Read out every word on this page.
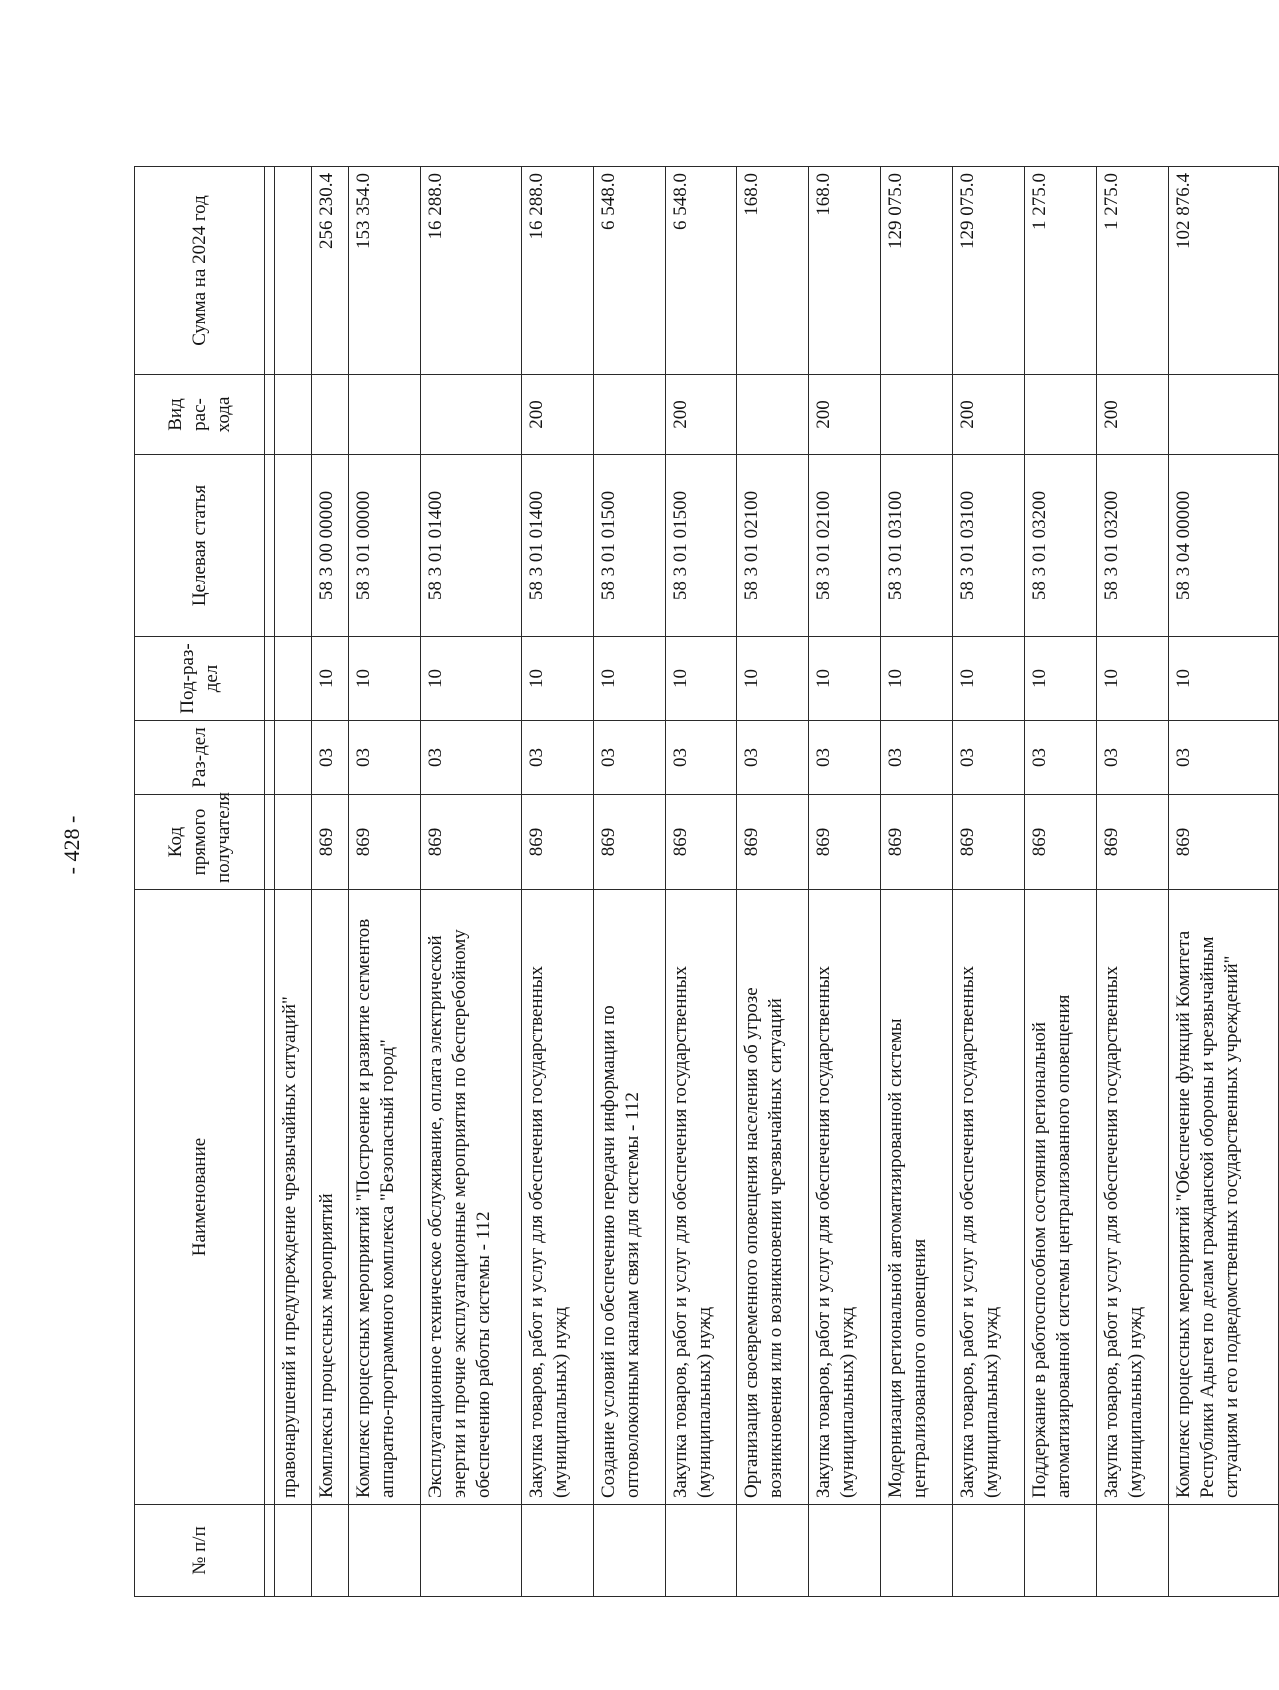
- 428 -
№ п/п	Наименование	Код прямого получателя	Раз-дел	Под-раз-дел	Целевая статья	Вид рас-хода	Сумма на 2024 год

	правонарушений и предупреждение чрезвычайных ситуаций"						
	Комплексы процессных мероприятий	869	03	10	58 3 00 00000		256 230.4
	Комплекс процессных мероприятий "Построение и развитие сегментов аппаратно-программного комплекса "Безопасный город"	869	03	10	58 3 01 00000		153 354.0
	Эксплуатационное техническое обслуживание, оплата электрической энергии и прочие эксплуатационные мероприятия по бесперебойному обеспечению работы системы - 112	869	03	10	58 3 01 01400		16 288.0
	Закупка товаров, работ и услуг для обеспечения государственных (муниципальных) нужд	869	03	10	58 3 01 01400	200	16 288.0
	Создание условий по обеспечению передачи информации по оптоволоконным каналам связи для системы - 112	869	03	10	58 3 01 01500		6 548.0
	Закупка товаров, работ и услуг для обеспечения государственных (муниципальных) нужд	869	03	10	58 3 01 01500	200	6 548.0
	Организация своевременного оповещения населения об угрозе возникновения или о возникновении чрезвычайных ситуаций	869	03	10	58 3 01 02100		168.0
	Закупка товаров, работ и услуг для обеспечения государственных (муниципальных) нужд	869	03	10	58 3 01 02100	200	168.0
	Модернизация региональной автоматизированной системы централизованного оповещения	869	03	10	58 3 01 03100		129 075.0
	Закупка товаров, работ и услуг для обеспечения государственных (муниципальных) нужд	869	03	10	58 3 01 03100	200	129 075.0
	Поддержание в работоспособном состоянии региональной автоматизированной системы централизованного оповещения	869	03	10	58 3 01 03200		1 275.0
	Закупка товаров, работ и услуг для обеспечения государственных (муниципальных) нужд	869	03	10	58 3 01 03200	200	1 275.0
	Комплекс процессных мероприятий "Обеспечение функций Комитета Республики Адыгея по делам гражданской обороны и чрезвычайным ситуациям и его подведомственных государственных учреждений"	869	03	10	58 3 04 00000		102 876.4
